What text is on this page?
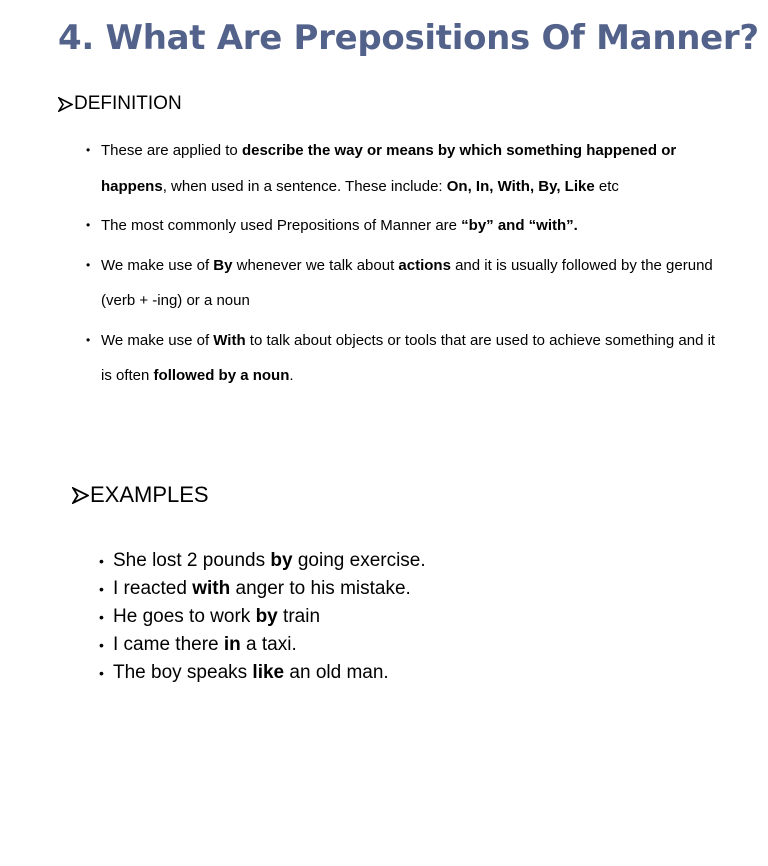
4. What Are Prepositions Of Manner?
DEFINITION
• These are applied to describe the way or means by which something happened or happens, when used in a sentence. These include: On, In, With, By, Like etc
• The most commonly used Prepositions of Manner are “by” and “with”.
• We make use of By whenever we talk about actions and it is usually followed by the gerund (verb + -ing) or a noun
• We make use of With to talk about objects or tools that are used to achieve something and it is often followed by a noun.
EXAMPLES
• She lost 2 pounds by going exercise.
• I reacted with anger to his mistake.
• He goes to work by train
• I came there in a taxi.
• The boy speaks like an old man.
